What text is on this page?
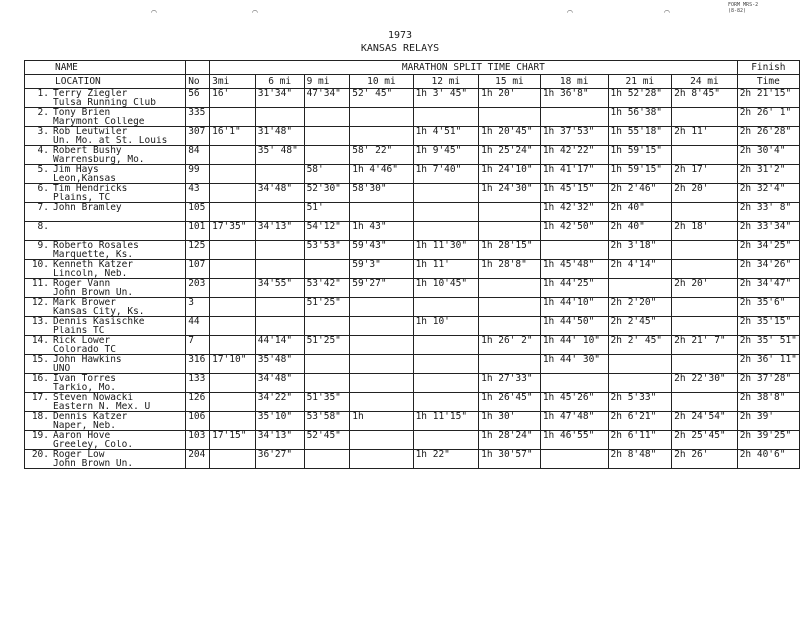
◠	◠	◠	◠
FORM MRS-2
(8-82)
1973
KANSAS RELAYS
NAME		MARATHON SPLIT TIME CHART									Finish
LOCATION	No	3mi	6 mi	9 mi	10 mi	12 mi	15 mi	18 mi	21 mi	24 mi	Time
1. Terry Ziegler	56	16'	31'34"	47'34"	52' 45"	1h 3' 45"	1h 20'	1h 36'8"	1h 52'28"	2h 8'45"	2h 21'15"
Tulsa Running Club											
2. Tony Brien	335								1h 56'38"		2h 26' 1"
Marymont College											
3. Rob Leutwiler	307	16'1"	31'48"			1h 4'51"	1h 20'45"	1h 37'53"	1h 55'18"	2h 11'	2h 26'28"
Un. Mo. at St. Louis											
4. Robert Bushy	84		35' 48"		58' 22"	1h 9'45"	1h 25'24"	1h 42'22"	1h 59'15"		2h 30'4"
Warrensburg, Mo.											
5. Jim Hays	99			58'	1h 4'46"	1h 7'40"	1h 24'10"	1h 41'17"	1h 59'15"	2h 17'	2h 31'2"
Leon,Kansas											
6. Tim Hendricks	43		34'48"	52'30"	58'30"		1h 24'30"	1h 45'15"	2h 2'46"	2h 20'	2h 32'4"
Plains, TC											
7. John Bramley	105			51'				1h 42'32"	2h 40"		2h 33' 8"

8.	101	17'35"	34'13"	54'12"	1h 43"			1h 42'50"	2h 40"	2h 18'	2h 33'34"

9. Roberto Rosales	125			53'53"	59'43"	1h 11'30"	1h 28'15"		2h 3'18"		2h 34'25"
Marquette, Ks.											
10. Kenneth Katzer	107				59'3"	1h 11'	1h 28'8"	1h 45'48"	2h 4'14"		2h 34'26"
Lincoln, Neb.											
11. Roger Vann	203		34'55"	53'42"	59'27"	1h 10'45"		1h 44'25"		2h 20'	2h 34'47"
John Brown Un.											
12. Mark Brower	3			51'25"				1h 44'10"	2h 2'20"		2h 35'6"
Kansas City, Ks.											
13. Dennis Kasischke	44					1h 10'		1h 44'50"	2h 2'45"		2h 35'15"
Plains TC											
14. Rick Lower	7		44'14"	51'25"			1h 26' 2"	1h 44' 10"	2h 2' 45"	2h 21' 7"	2h 35' 51"
Colorado TC											
15. John Hawkins	316	17'10"	35'48"					1h 44' 30"			2h 36' 11"
UNO											
16. Ivan Torres	133		34'48"				1h 27'33"			2h 22'30"	2h 37'28"
Tarkio, Mo.											
17. Steven Nowacki	126		34'22"	51'35"			1h 26'45"	1h 45'26"	2h 5'33"		2h 38'8"
Eastern N. Mex. U											
18. Dennis Katzer	106		35'10"	53'58"	1h	1h 11'15"	1h 30'	1h 47'48"	2h 6'21"	2h 24'54"	2h 39'
Naper, Neb.											
19. Aaron Hove	103	17'15"	34'13"	52'45"			1h 28'24"	1h 46'55"	2h 6'11"	2h 25'45"	2h 39'25"
Greeley, Colo.											
20. Roger Low	204		36'27"			1h 22"	1h 30'57"		2h 8'48"	2h 26'	2h 40'6"
John Brown Un.											
